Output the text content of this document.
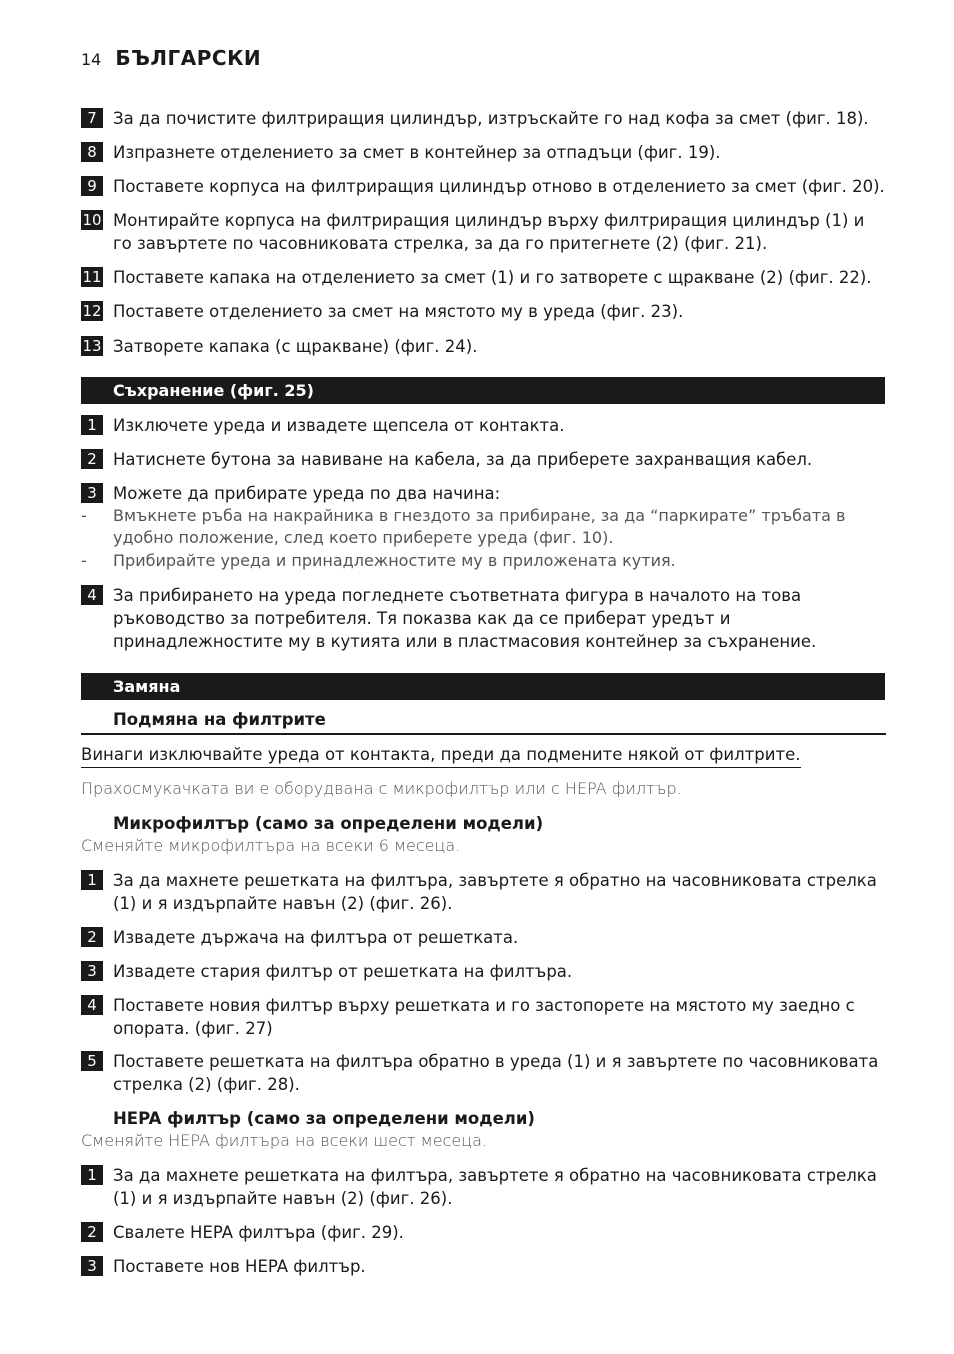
14 БЪЛГАРСКИ
7 За да почистите филтриращия цилиндър, изтръскайте го над кофа за смет (фиг. 18).
8 Изпразнете отделението за смет в контейнер за отпадъци (фиг. 19).
9 Поставете корпуса на филтриращия цилиндър отново в отделението за смет (фиг. 20).
10 Монтирайте корпуса на филтриращия цилиндър върху филтриращия цилиндър (1) и го завъртете по часовниковата стрелка, за да го притегнете (2) (фиг. 21).
11 Поставете капака на отделението за смет (1) и го затворете с щракване (2) (фиг. 22).
12 Поставете отделението за смет на мястото му в уреда (фиг. 23).
13 Затворете капака (с щракване) (фиг. 24).
Съхранение (фиг. 25)
1 Изключете уреда и извадете щепсела от контакта.
2 Натиснете бутона за навиване на кабела, за да приберете захранващия кабел.
3 Можете да прибирате уреда по два начина:
-	Вмъкнете ръба на накрайника в гнездото за прибиране, за да “паркирате” тръбата в удобно положение, след което приберете уреда (фиг. 10).
-	Прибирайте уреда и принадлежностите му в приложената кутия.
4 За прибирането на уреда погледнете съответната фигура в началото на това ръководство за потребителя. Тя показва как да се приберат уредът и принадлежностите му в кутията или в пластмасовия контейнер за съхранение.
Замяна
Подмяна на филтрите
Винаги изключвайте уреда от контакта, преди да подмените някой от филтрите.
Прахосмукачката ви е оборудвана с микрофилтър или с HEPA филтър.
Микрофилтър (само за определени модели)
Сменяйте микрофилтъра на всеки 6 месеца.
1 За да махнете решетката на филтъра, завъртете я обратно на часовниковата стрелка (1) и я издърпайте навън (2) (фиг. 26).
2 Извадете държача на филтъра от решетката.
3 Извадете стария филтър от решетката на филтъра.
4 Поставете новия филтър върху решетката и го застопорете на мястото му заедно с опората. (фиг. 27)
5 Поставете решетката на филтъра обратно в уреда (1) и я завъртете по часовниковата стрелка (2) (фиг. 28).
HEPA филтър (само за определени модели)
Сменяйте HEPA филтъра на всеки шест месеца.
1 За да махнете решетката на филтъра, завъртете я обратно на часовниковата стрелка (1) и я издърпайте навън (2) (фиг. 26).
2 Свалете HEPA филтъра (фиг. 29).
3 Поставете нов HEPA филтър.
